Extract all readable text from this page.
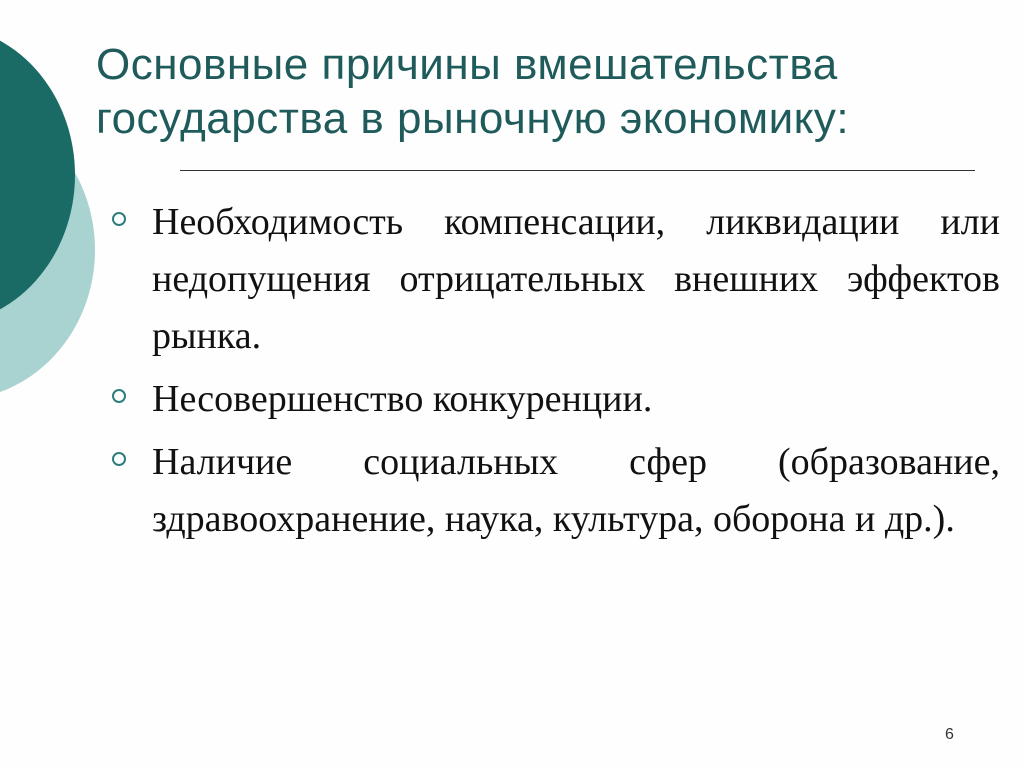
Основные причины вмешательства государства в рыночную экономику:
Необходимость компенсации, ликвидации или недопущения отрицательных внешних эффектов рынка.
Несовершенство конкуренции.
Наличие социальных сфер (образование, здравоохранение, наука, культура, оборона и др.).
6
